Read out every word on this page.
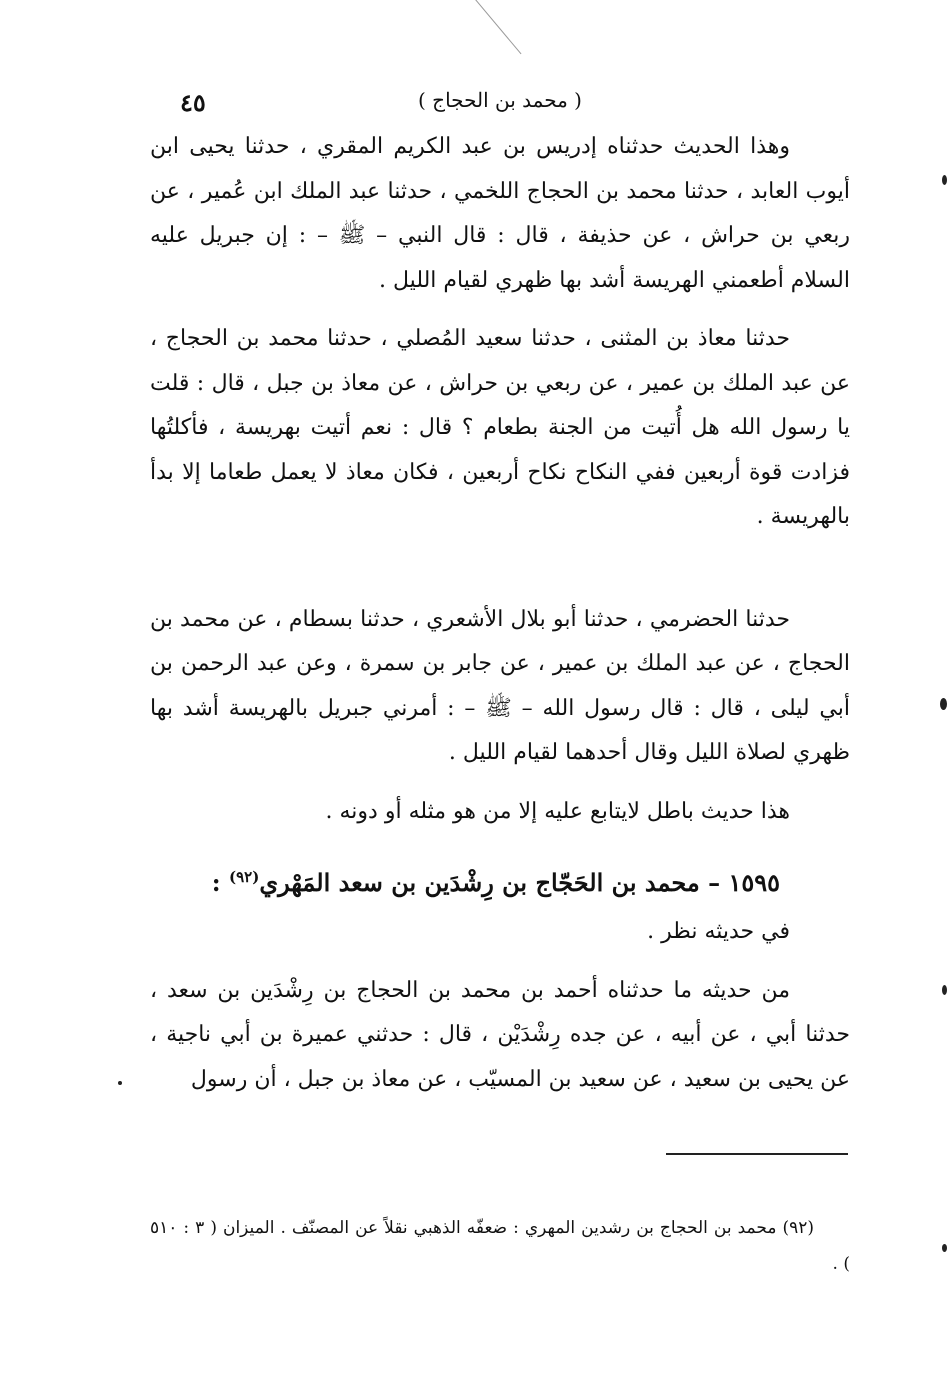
٤٥	( محمد بن الحجاج )

وهذا الحديث حدثناه إدريس بن عبد الكريم المقري ، حدثنا يحيى ابن أيوب العابد ، حدثنا محمد بن الحجاج اللخمي ، حدثنا عبد الملك ابن عُمير ، عن ربعي بن حراش ، عن حذيفة ، قال : قال النبي – ﷺ – : إن جبريل عليه السلام أطعمني الهريسة أشد بها ظهري لقيام الليل .

حدثنا معاذ بن المثنى ، حدثنا سعيد المُصلي ، حدثنا محمد بن الحجاج ، عن عبد الملك بن عمير ، عن ربعي بن حراش ، عن معاذ بن جبل ، قال : قلت يا رسول الله هل أُتيت من الجنة بطعام ؟ قال : نعم أتيت بهريسة ، فأكلتُها فزادت قوة أربعين ففي النكاح نكاح أربعين ، فكان معاذ لا يعمل طعاما إلا بدأ بالهريسة .

حدثنا الحضرمي ، حدثنا أبو بلال الأشعري ، حدثنا بسطام ، عن محمد بن الحجاج ، عن عبد الملك بن عمير ، عن جابر بن سمرة ، وعن عبد الرحمن بن أبي ليلى ، قال : قال رسول الله – ﷺ – : أمرني جبريل بالهريسة أشد بها ظهري لصلاة الليل وقال أحدهما لقيام الليل .

هذا حديث باطل لايتابع عليه إلا من هو مثله أو دونه .

١٥٩٥ – محمد بن الحَجّاج بن رِشْدَين بن سعد المَهْري$^{(٩٢)}$ :

في حديثه نظر .

من حديثه ما حدثناه أحمد بن محمد بن الحجاج بن رِشْدَين بن سعد ، حدثنا أبي ، عن أبيه ، عن جده رِشْدَيْن ، قال : حدثني عميرة بن أبي ناجية ، عن يحيى بن سعيد ، عن سعيد بن المسيّب ، عن معاذ بن جبل ، أن رسول

(٩٢) محمد بن الحجاج بن رشدين المهري : ضعفّه الذهبي نقلاً عن المصنّف . الميزان ( ٣ : ٥١٠ ) .
